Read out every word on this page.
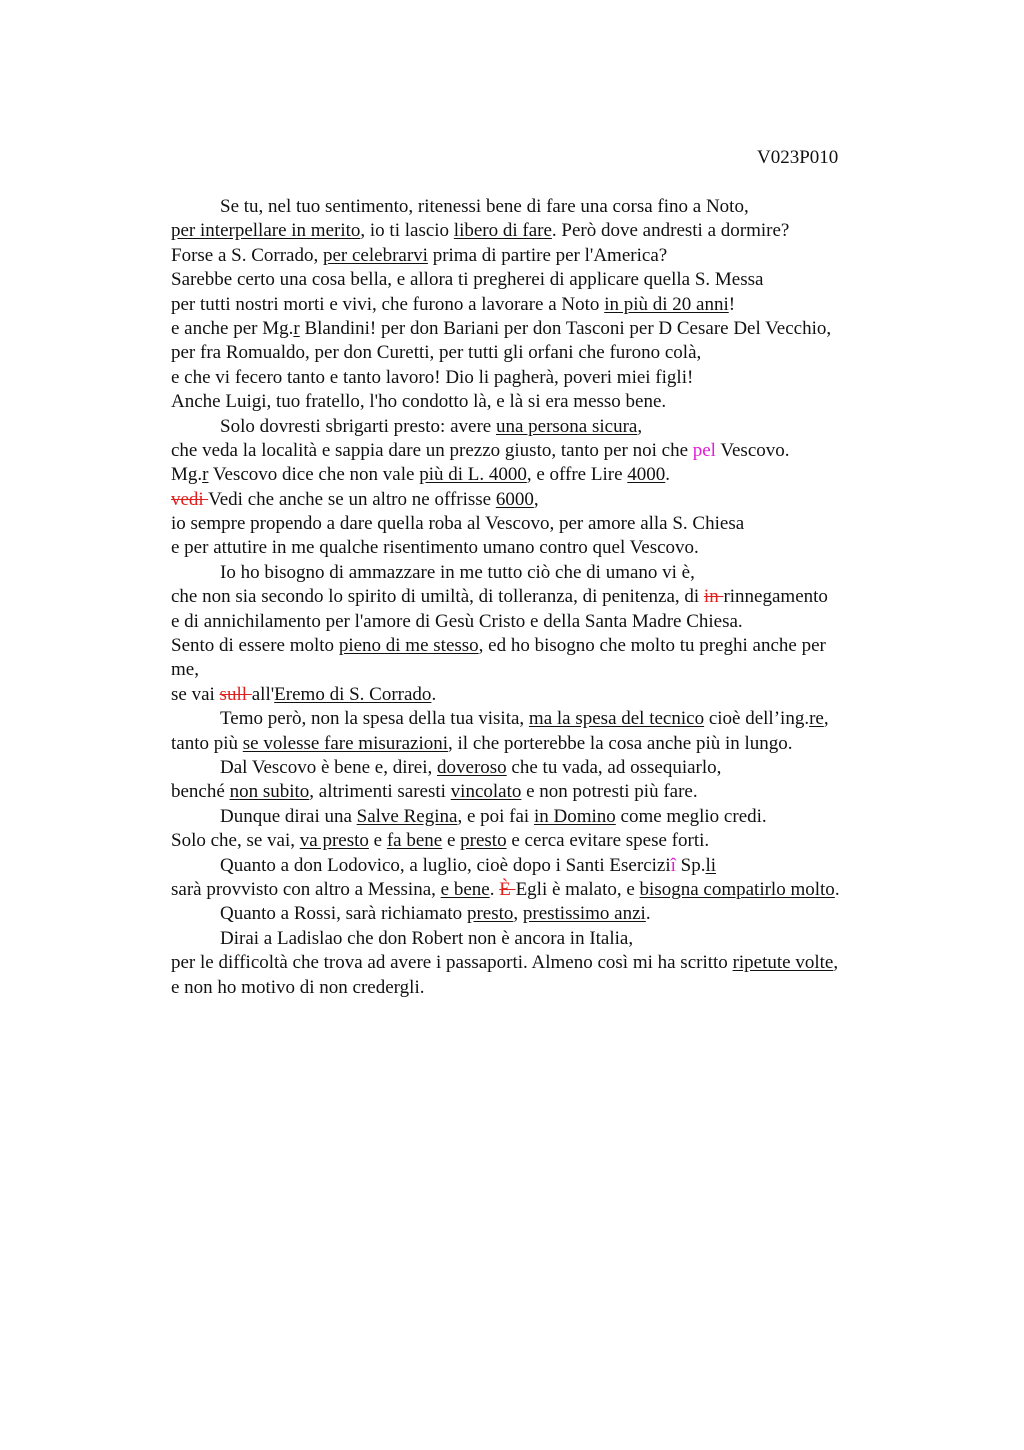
V023P010

Se tu, nel tuo sentimento, ritenessi bene di fare una corsa fino a Noto,
per interpellare in merito, io ti lascio libero di fare. Però dove andresti a dormire?
Forse a S. Corrado, per celebrarvi prima di partire per l'America?
Sarebbe certo una cosa bella, e allora ti pregherei di applicare quella S. Messa
per tutti nostri morti e vivi, che furono a lavorare a Noto in più di 20 anni!
e anche per Mg.r Blandini! per don Bariani per don Tasconi per D Cesare Del Vecchio,
per fra Romualdo, per don Curetti, per tutti gli orfani che furono colà,
e che vi fecero tanto e tanto lavoro! Dio li pagherà, poveri miei figli!
Anche Luigi, tuo fratello, l'ho condotto là, e là si era messo bene.
Solo dovresti sbrigarti presto: avere una persona sicura,
che veda la località e sappia dare un prezzo giusto, tanto per noi che pel Vescovo.
Mg.r Vescovo dice che non vale più di L. 4000, e offre Lire 4000.
vedi Vedi che anche se un altro ne offrisse 6000,
io sempre propendo a dare quella roba al Vescovo, per amore alla S. Chiesa
e per attutire in me qualche risentimento umano contro quel Vescovo.
Io ho bisogno di ammazzare in me tutto ciò che di umano vi è,
che non sia secondo lo spirito di umiltà, di tolleranza, di penitenza, di in rinnegamento
e di annichilamento per l'amore di Gesù Cristo e della Santa Madre Chiesa.
Sento di essere molto pieno di me stesso, ed ho bisogno che molto tu preghi anche per
me,
se vai sull all'Eremo di S. Corrado.
Temo però, non la spesa della tua visita, ma la spesa del tecnico cioè dell’ing.re,
tanto più se volesse fare misurazioni, il che porterebbe la cosa anche più in lungo.
Dal Vescovo è bene e, direi, doveroso che tu vada, ad ossequiarlo,
benché non subito, altrimenti saresti vincolato e non potresti più fare.
Dunque dirai una Salve Regina, e poi fai in Domino come meglio credi.
Solo che, se vai, va presto e fa bene e presto e cerca evitare spese forti.
Quanto a don Lodovico, a luglio, cioè dopo i Santi Eserciziî Sp.li
sarà provvisto con altro a Messina, e bene. È Egli è malato, e bisogna compatirlo molto.
Quanto a Rossi, sarà richiamato presto, prestissimo anzi.
Dirai a Ladislao che don Robert non è ancora in Italia,
per le difficoltà che trova ad avere i passaporti. Almeno così mi ha scritto ripetute volte,
e non ho motivo di non credergli.
